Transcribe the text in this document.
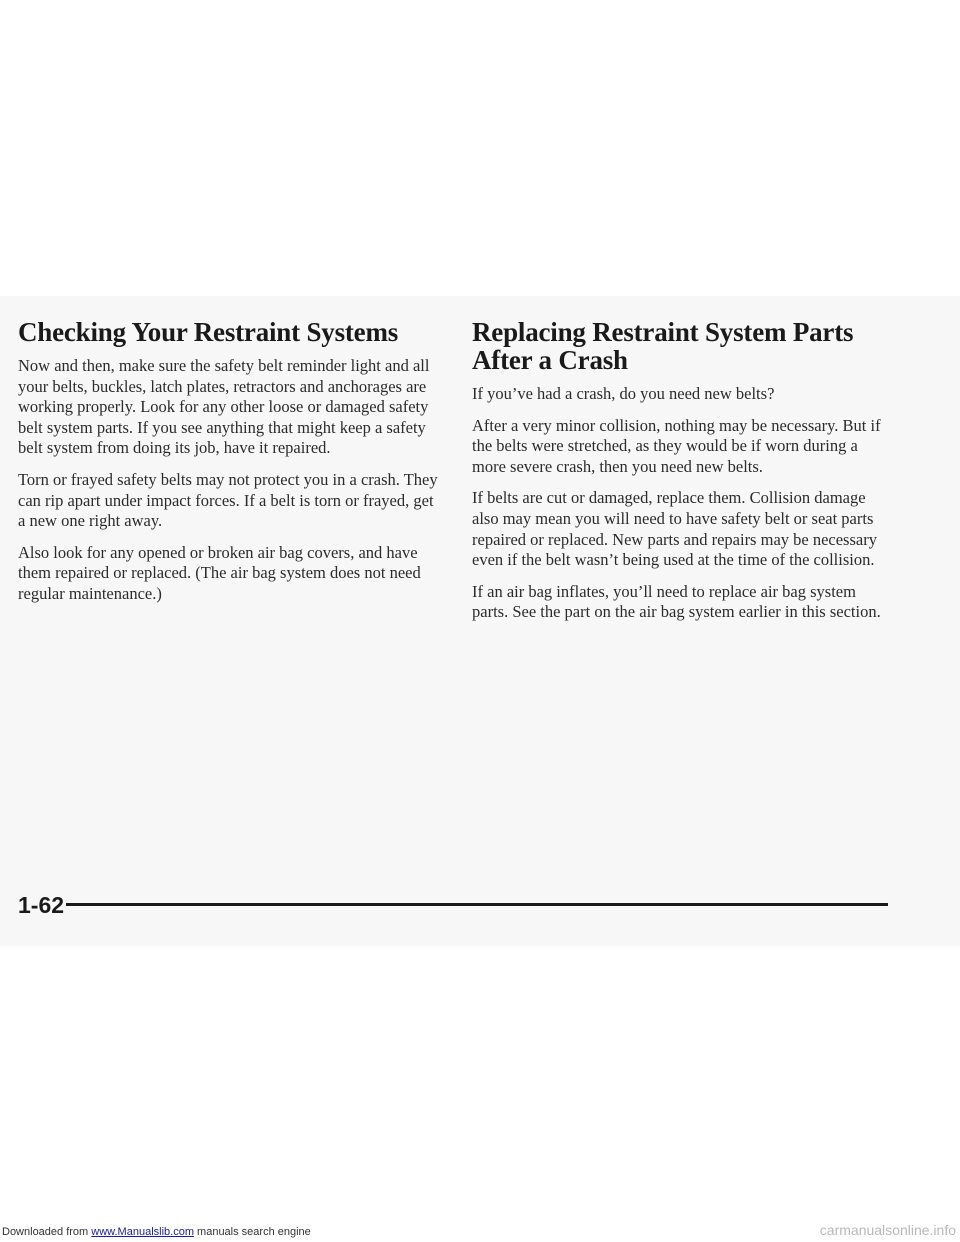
Checking Your Restraint Systems

Now and then, make sure the safety belt reminder light and all your belts, buckles, latch plates, retractors and anchorages are working properly. Look for any other loose or damaged safety belt system parts. If you see anything that might keep a safety belt system from doing its job, have it repaired.

Torn or frayed safety belts may not protect you in a crash. They can rip apart under impact forces. If a belt is torn or frayed, get a new one right away.

Also look for any opened or broken air bag covers, and have them repaired or replaced. (The air bag system does not need regular maintenance.)

Replacing Restraint System Parts After a Crash

If you’ve had a crash, do you need new belts?

After a very minor collision, nothing may be necessary. But if the belts were stretched, as they would be if worn during a more severe crash, then you need new belts.

If belts are cut or damaged, replace them. Collision damage also may mean you will need to have safety belt or seat parts repaired or replaced. New parts and repairs may be necessary even if the belt wasn’t being used at the time of the collision.

If an air bag inflates, you’ll need to replace air bag system parts. See the part on the air bag system earlier in this section.

1-62
Downloaded from www.Manualslib.com manuals search engine	carmanualsonline.info
